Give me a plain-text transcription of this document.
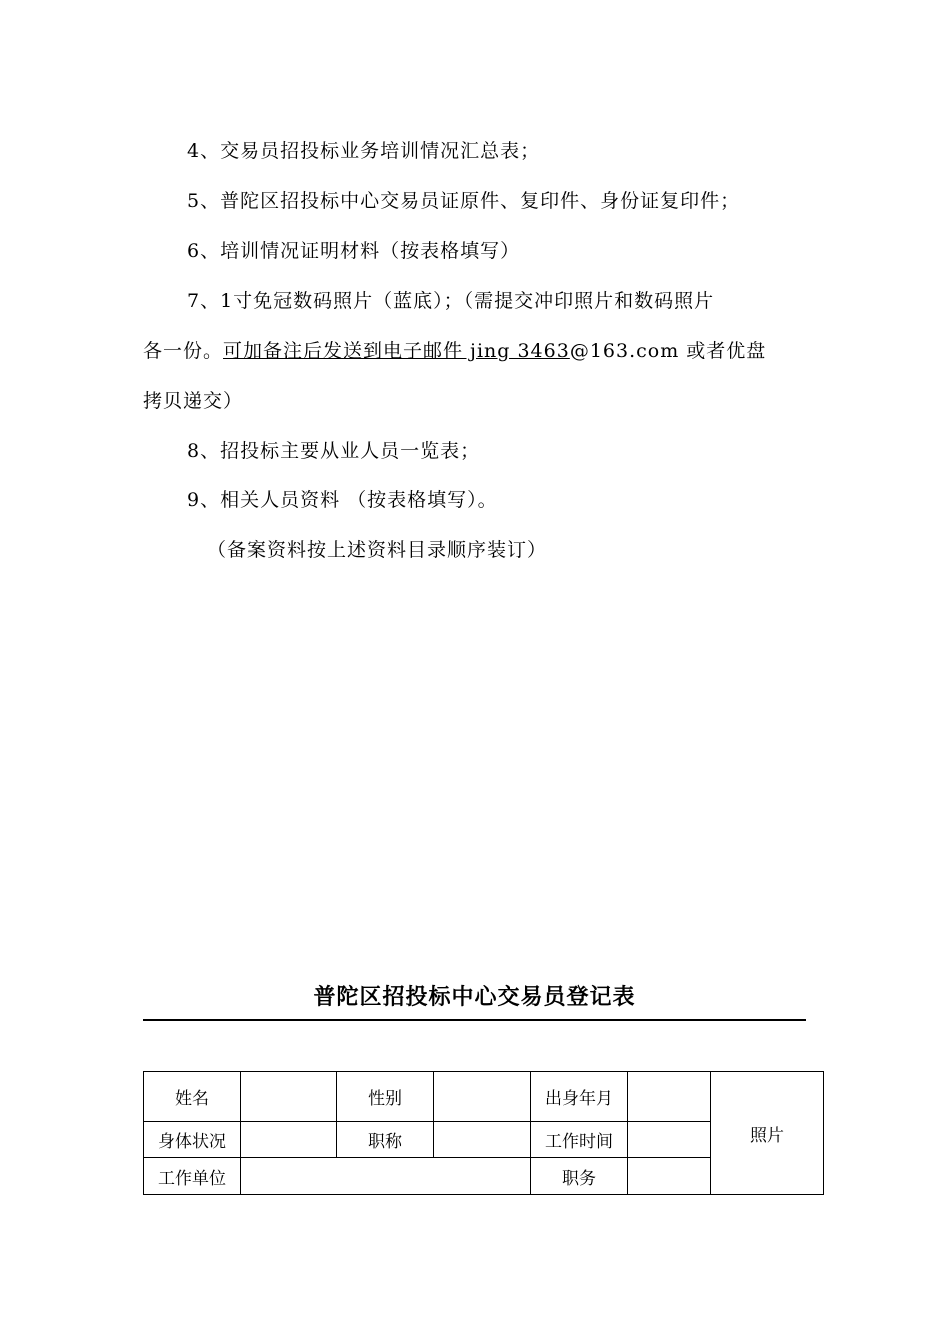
4、交易员招投标业务培训情况汇总表；
5、普陀区招投标中心交易员证原件、复印件、身份证复印件；
6、培训情况证明材料（按表格填写）
7、1寸免冠数码照片（蓝底）；（需提交冲印照片和数码照片
各一份。可加备注后发送到电子邮件 jing 3463@163.com 或者优盘
拷贝递交）
8、招投标主要从业人员一览表；
9、相关人员资料 （按表格填写）。
（备案资料按上述资料目录顺序装订）
普陀区招投标中心交易员登记表
姓名		性别		出身年月		照片
身体状况		职称		工作时间		
工作单位				职务		
